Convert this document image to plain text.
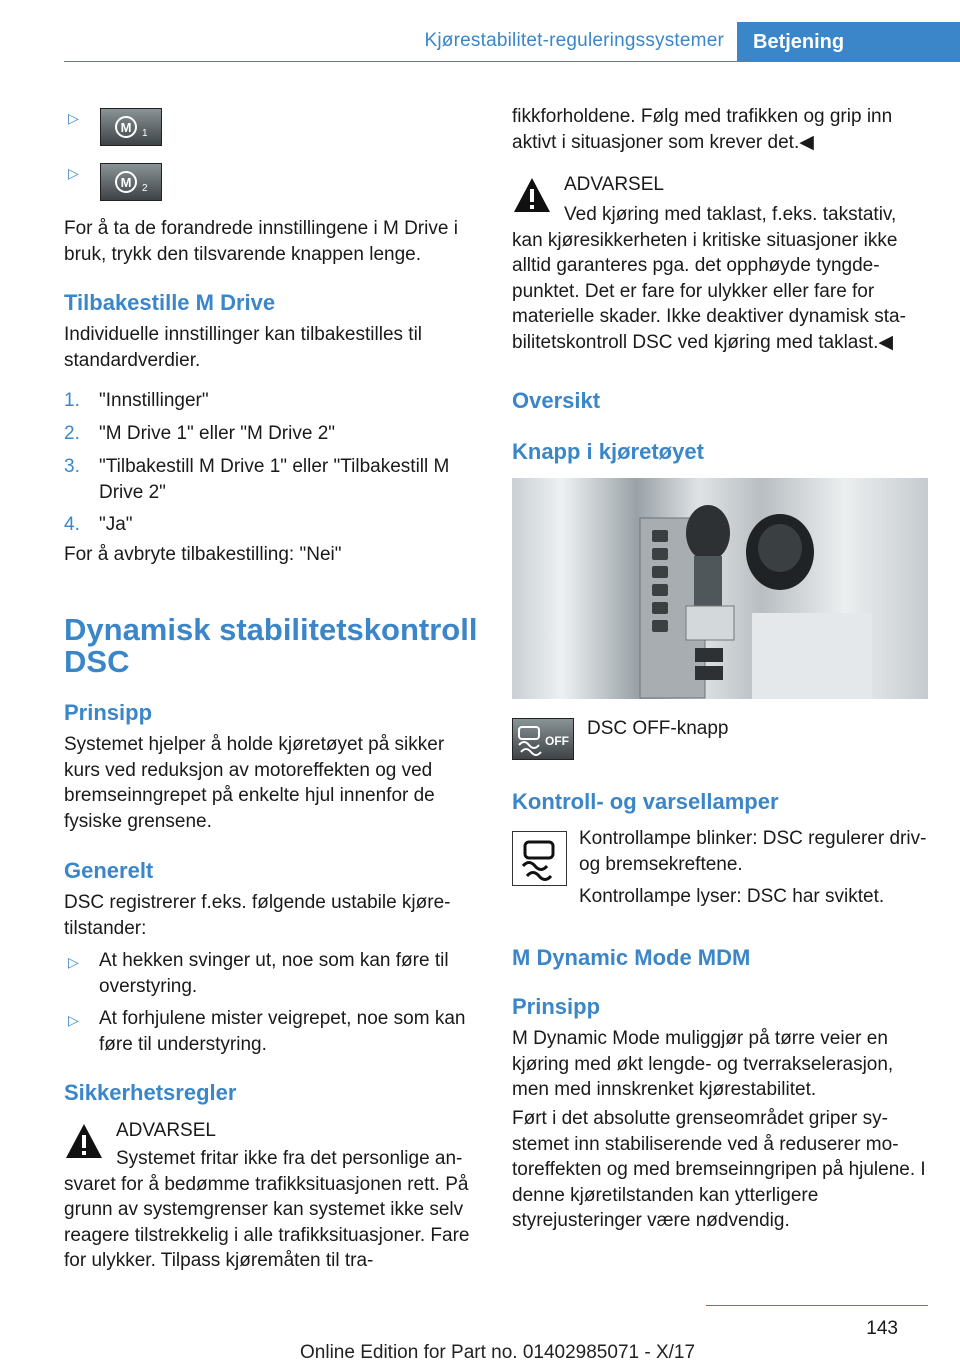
Kjørestabilitet-reguleringssystemer	Betjening
▷
M 1
▷
M 2

For å ta de forandrede innstillingene i M Drive i bruk, trykk den tilsvarende knappen lenge.

Tilbakestille M Drive

Individuelle innstillinger kan tilbakestilles til standardverdier.

1. "Innstillinger"

2. "M Drive 1" eller "M Drive 2"

3. "Tilbakestill M Drive 1" eller "Tilbakestill M Drive 2"

4. "Ja"

For å avbryte tilbakestilling: "Nei"

Dynamisk stabilitetskontroll DSC
Prinsipp

Systemet hjelper å holde kjøretøyet på sikker kurs ved reduksjon av motoreffekten og ved bremseinngrepet på enkelte hjul innenfor de fysiske grensene.

Generelt

DSC registrerer f.eks. følgende ustabile kjøretilstander:

▷ At hekken svinger ut, noe som kan føre til overstyring.

▷ At forhjulene mister veigrepet, noe som kan føre til understyring.

Sikkerhetsregler
ADVARSEL

Systemet fritar ikke fra det personlige ansvaret for å bedømme trafikksituasjonen rett. På grunn av systemgrenser kan systemet ikke selv reagere tilstrekkelig i alle trafikksituasjoner. Fare for ulykker. Tilpass kjøremåten til tra-

fikkforholdene. Følg med trafikken og grip inn aktivt i situasjoner som krever det.◀

ADVARSEL

Ved kjøring med taklast, f.eks. takstativ, kan kjøresikkerheten i kritiske situasjoner ikke alltid garanteres pga. det opphøyde tyngdepunktet. Det er fare for ulykker eller fare for materielle skader. Ikke deaktiver dynamisk stabilitetskontroll DSC ved kjøring med taklast.◀

Oversikt
Knapp i kjøretøyet
OFF
DSC OFF-knapp
Kontroll- og varsellamper

Kontrollampe blinker: DSC regulerer driv- og bremsekreftene.

Kontrollampe lyser: DSC har sviktet.

M Dynamic Mode MDM
Prinsipp

M Dynamic Mode muliggjør på tørre veier en kjøring med økt lengde- og tverrakselerasjon, men med innskrenket kjørestabilitet.

Ført i det absolutte grenseområdet griper systemet inn stabiliserende ved å reduserer motoreffekten og med bremseinngripen på hjulene. I denne kjøretilstanden kan ytterligere styrejusteringer være nødvendig.

143
Online Edition for Part no. 01402985071 - X/17
